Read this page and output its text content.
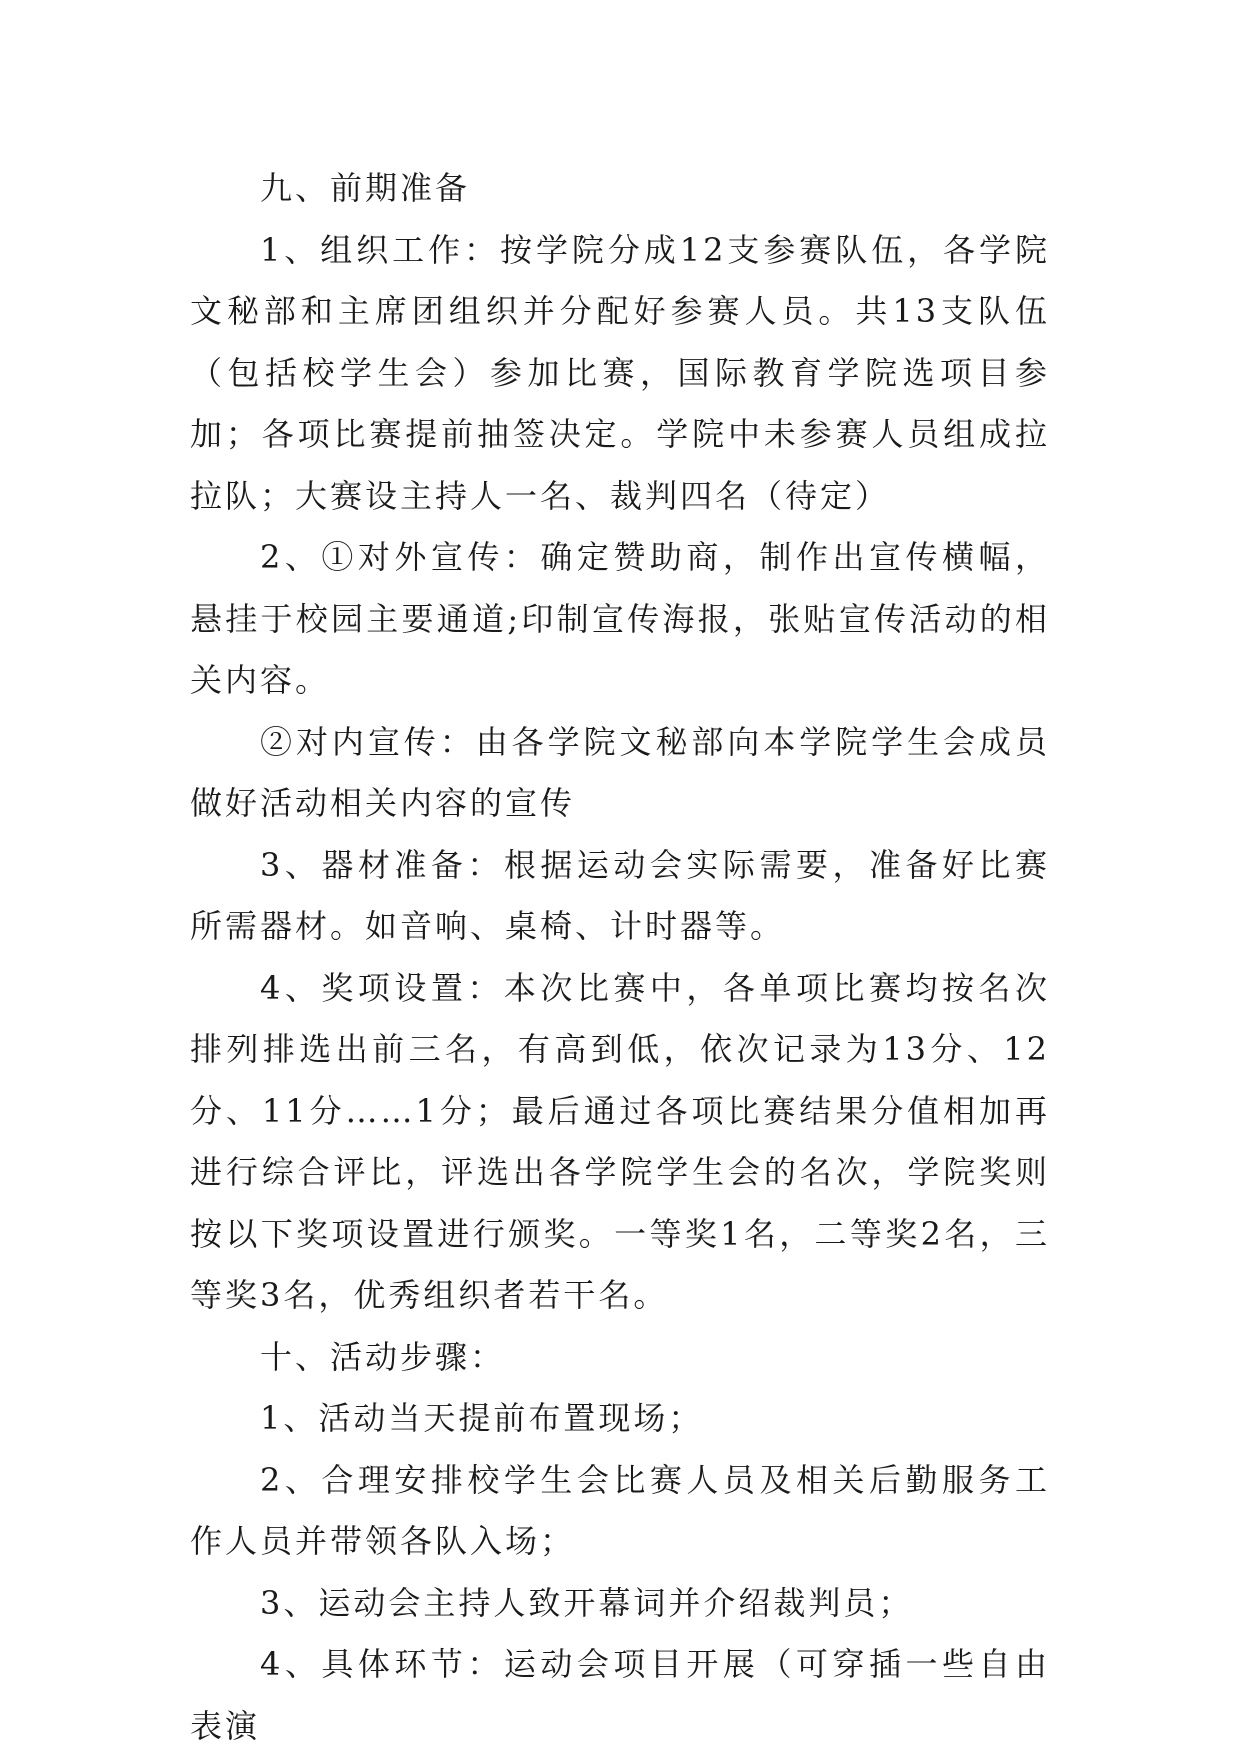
九、前期准备

1、组织工作：按学院分成12支参赛队伍，各学院文秘部和主席团组织并分配好参赛人员。共13支队伍（包括校学生会）参加比赛，国际教育学院选项目参加；各项比赛提前抽签决定。学院中未参赛人员组成拉拉队；大赛设主持人一名、裁判四名（待定）

2、①对外宣传：确定赞助商，制作出宣传横幅，悬挂于校园主要通道;印制宣传海报，张贴宣传活动的相关内容。

②对内宣传：由各学院文秘部向本学院学生会成员做好活动相关内容的宣传

3、器材准备：根据运动会实际需要，准备好比赛所需器材。如音响、桌椅、计时器等。

4、奖项设置：本次比赛中，各单项比赛均按名次排列排选出前三名，有高到低，依次记录为13分、12分、11分……1分；最后通过各项比赛结果分值相加再进行综合评比，评选出各学院学生会的名次，学院奖则按以下奖项设置进行颁奖。一等奖1名，二等奖2名，三等奖3名，优秀组织者若干名。

十、活动步骤：

1、活动当天提前布置现场；

2、合理安排校学生会比赛人员及相关后勤服务工作人员并带领各队入场；

3、运动会主持人致开幕词并介绍裁判员；

4、具体环节：运动会项目开展（可穿插一些自由表演
